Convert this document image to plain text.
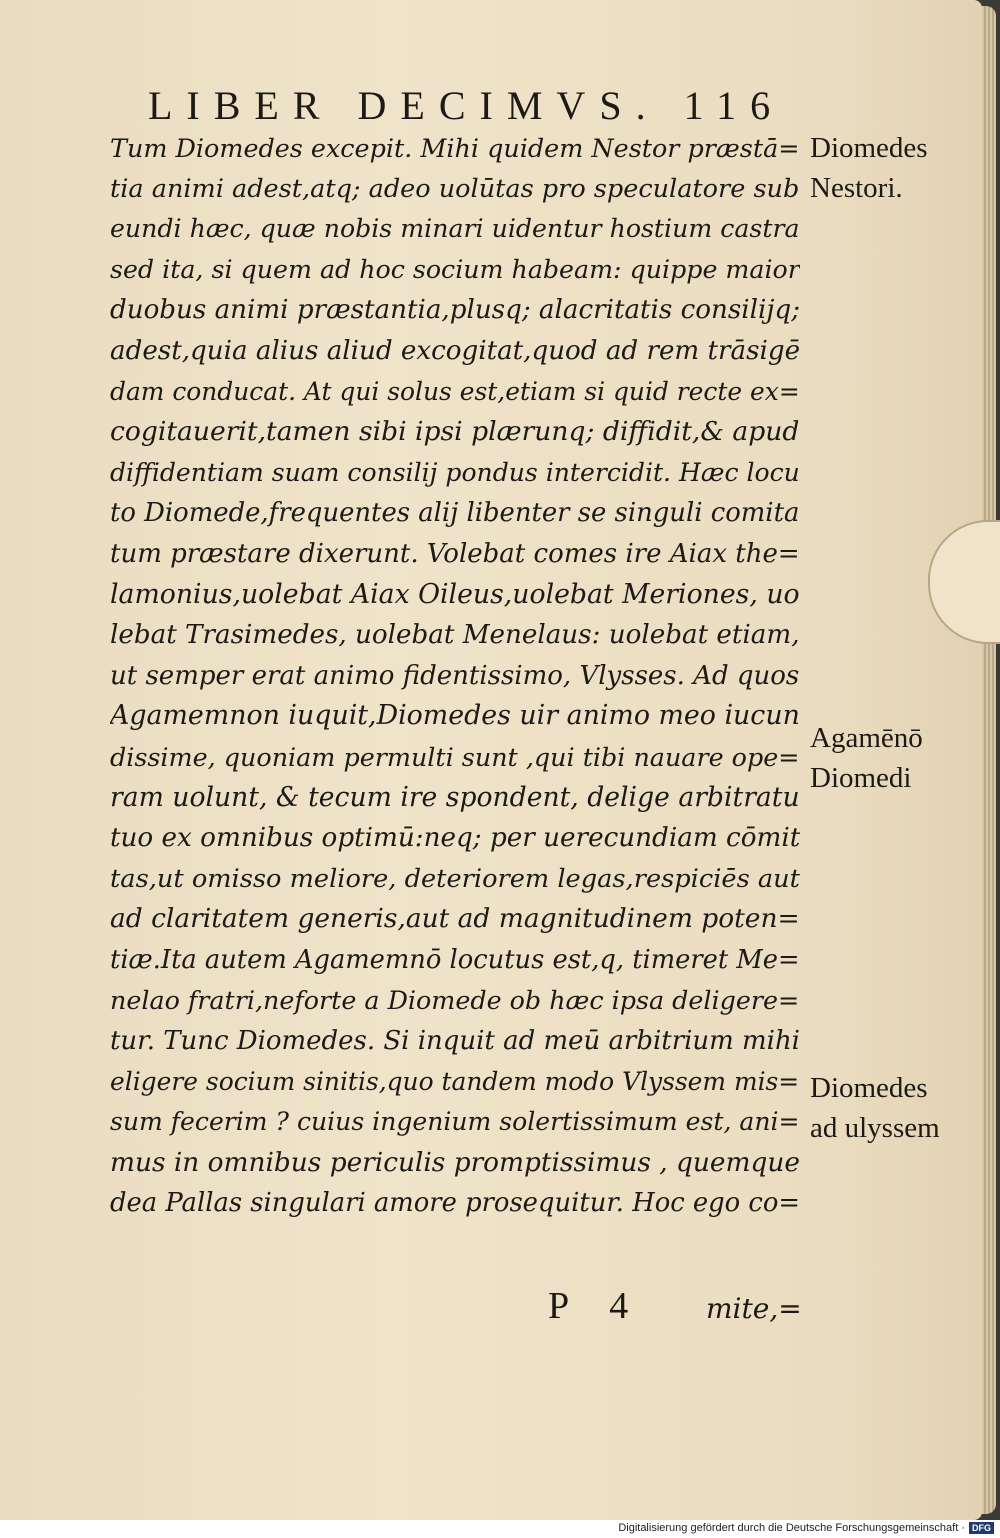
LIBER DECIMVS. 116
Tum Diomedes excepit. Mihi quidem Nestor præstā=
tia animi adest,atq; adeo uolūtas pro speculatore sub
eundi hæc, quæ nobis minari uidentur hostium castra
sed ita, si quem ad hoc socium habeam: quippe maior
duobus animi præstantia,plusq; alacritatis consilijq;
adest,quia alius aliud excogitat,quod ad rem trāsigē
dam conducat. At qui solus est,etiam si quid recte ex=
cogitauerit,tamen sibi ipsi plærunq; diffidit,& apud
diffidentiam suam consilij pondus intercidit. Hæc locu
to Diomede,frequentes alij libenter se singuli comita
tum præstare dixerunt. Volebat comes ire Aiax the=
lamonius,uolebat Aiax Oileus,uolebat Meriones, uo
lebat Trasimedes, uolebat Menelaus: uolebat etiam,
ut semper erat animo fidentissimo, Vlysses. Ad quos
Agamemnon iuquit,Diomedes uir animo meo iucun
dissime, quoniam permulti sunt ,qui tibi nauare ope=
ram uolunt, & tecum ire spondent, delige arbitratu
tuo ex omnibus optimū:neq; per uerecundiam cōmit
tas,ut omisso meliore, deteriorem legas,respiciēs aut
ad claritatem generis,aut ad magnitudinem poten=
tiæ.Ita autem Agamemnō locutus est,q, timeret Me=
nelao fratri,neforte a Diomede ob hæc ipsa deligere=
tur. Tunc Diomedes. Si inquit ad meū arbitrium mihi
eligere socium sinitis,quo tandem modo Vlyssem mis=
sum fecerim ? cuius ingenium solertissimum est, ani=
mus in omnibus periculis promptissimus , quemque
dea Pallas singulari amore prosequitur. Hoc ego co=
Diomedes
Nestori.
Agamēnō
Diomedi
Diomedes
ad ulyssem
P 4 mite,=
Digitalisierung gefördert durch die Deutsche Forschungsgemeinschaft · DFG
